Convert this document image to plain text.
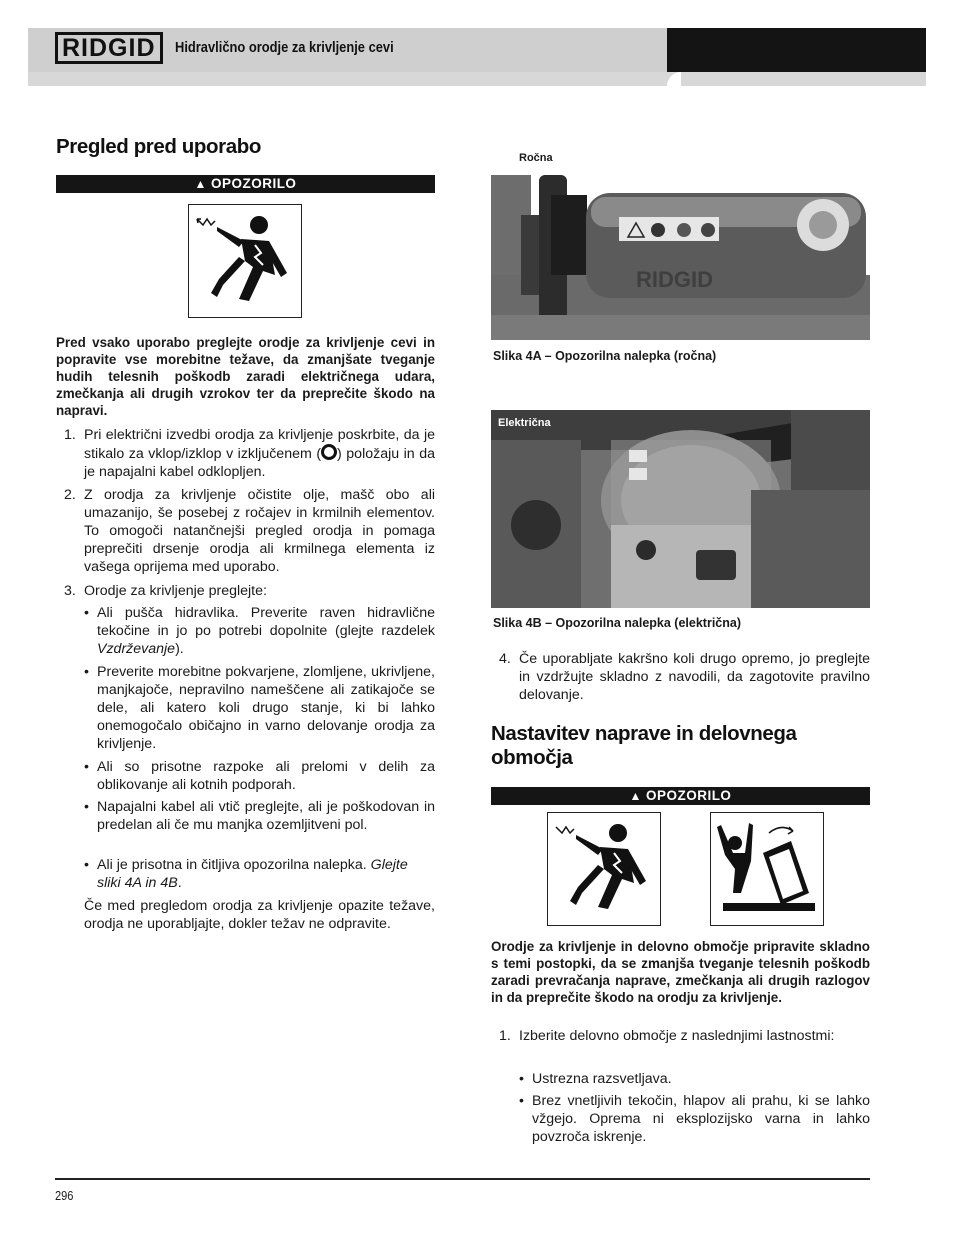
RIDGID	Hidravlično orodje za krivljenje cevi
Pregled pred uporabo
▲ OPOZORILO
Pred vsako uporabo preglejte orodje za krivljenje cevi in popravite vse morebitne težave, da zmanjšate tveganje hudih telesnih poškodb zaradi električnega udara, zmečkanja ali drugih vzrokov ter da preprečite škodo na napravi.
1. Pri električni izvedbi orodja za krivljenje poskrbite, da je stikalo za vklop/izklop v izključenem ( ) položaju in da je napajalni kabel odklopljen.
2. Z orodja za krivljenje očistite olje, mašč obo ali umazanijo, še posebej z ročajev in krmilnih elementov. To omogoči natančnejši pregled orodja in pomaga preprečiti drsenje orodja ali krmilnega elementa iz vašega oprijema med uporabo.
3. Orodje za krivljenje preglejte:
• Ali pušča hidravlika. Preverite raven hidravlične tekočine in jo po potrebi dopolnite (glejte razdelek Vzdrževanje).
• Preverite morebitne pokvarjene, zlomljene, ukrivljene, manjkajoče, nepravilno nameščene ali zatikajoče se dele, ali katero koli drugo stanje, ki bi lahko onemogočalo običajno in varno delovanje orodja za krivljenje.
• Ali so prisotne razpoke ali prelomi v delih za oblikovanje ali kotnih podporah.
• Napajalni kabel ali vtič preglejte, ali je poškodovan in predelan ali če mu manjka ozemljitveni pol.
• Ali je prisotna in čitljiva opozorilna nalepka. Glejte sliki 4A in 4B.
Če med pregledom orodja za krivljenje opazite težave, orodja ne uporabljajte, dokler težav ne odpravite.
Ročna
RIDGID
Slika 4A – Opozorilna nalepka (ročna)
Električna
Slika 4B – Opozorilna nalepka (električna)
4. Če uporabljate kakršno koli drugo opremo, jo preglejte in vzdržujte skladno z navodili, da zagotovite pravilno delovanje.
Nastavitev naprave in delovnega območja
▲ OPOZORILO
Orodje za krivljenje in delovno območje pripravite skladno s temi postopki, da se zmanjša tveganje telesnih poškodb zaradi prevračanja naprave, zmečkanja ali drugih razlogov in da preprečite škodo na orodju za krivljenje.
1. Izberite delovno območje z naslednjimi lastnostmi:
• Ustrezna razsvetljava.
• Brez vnetljivih tekočin, hlapov ali prahu, ki se lahko vžgejo. Oprema ni eksplozijsko varna in lahko povzroča iskrenje.
296
